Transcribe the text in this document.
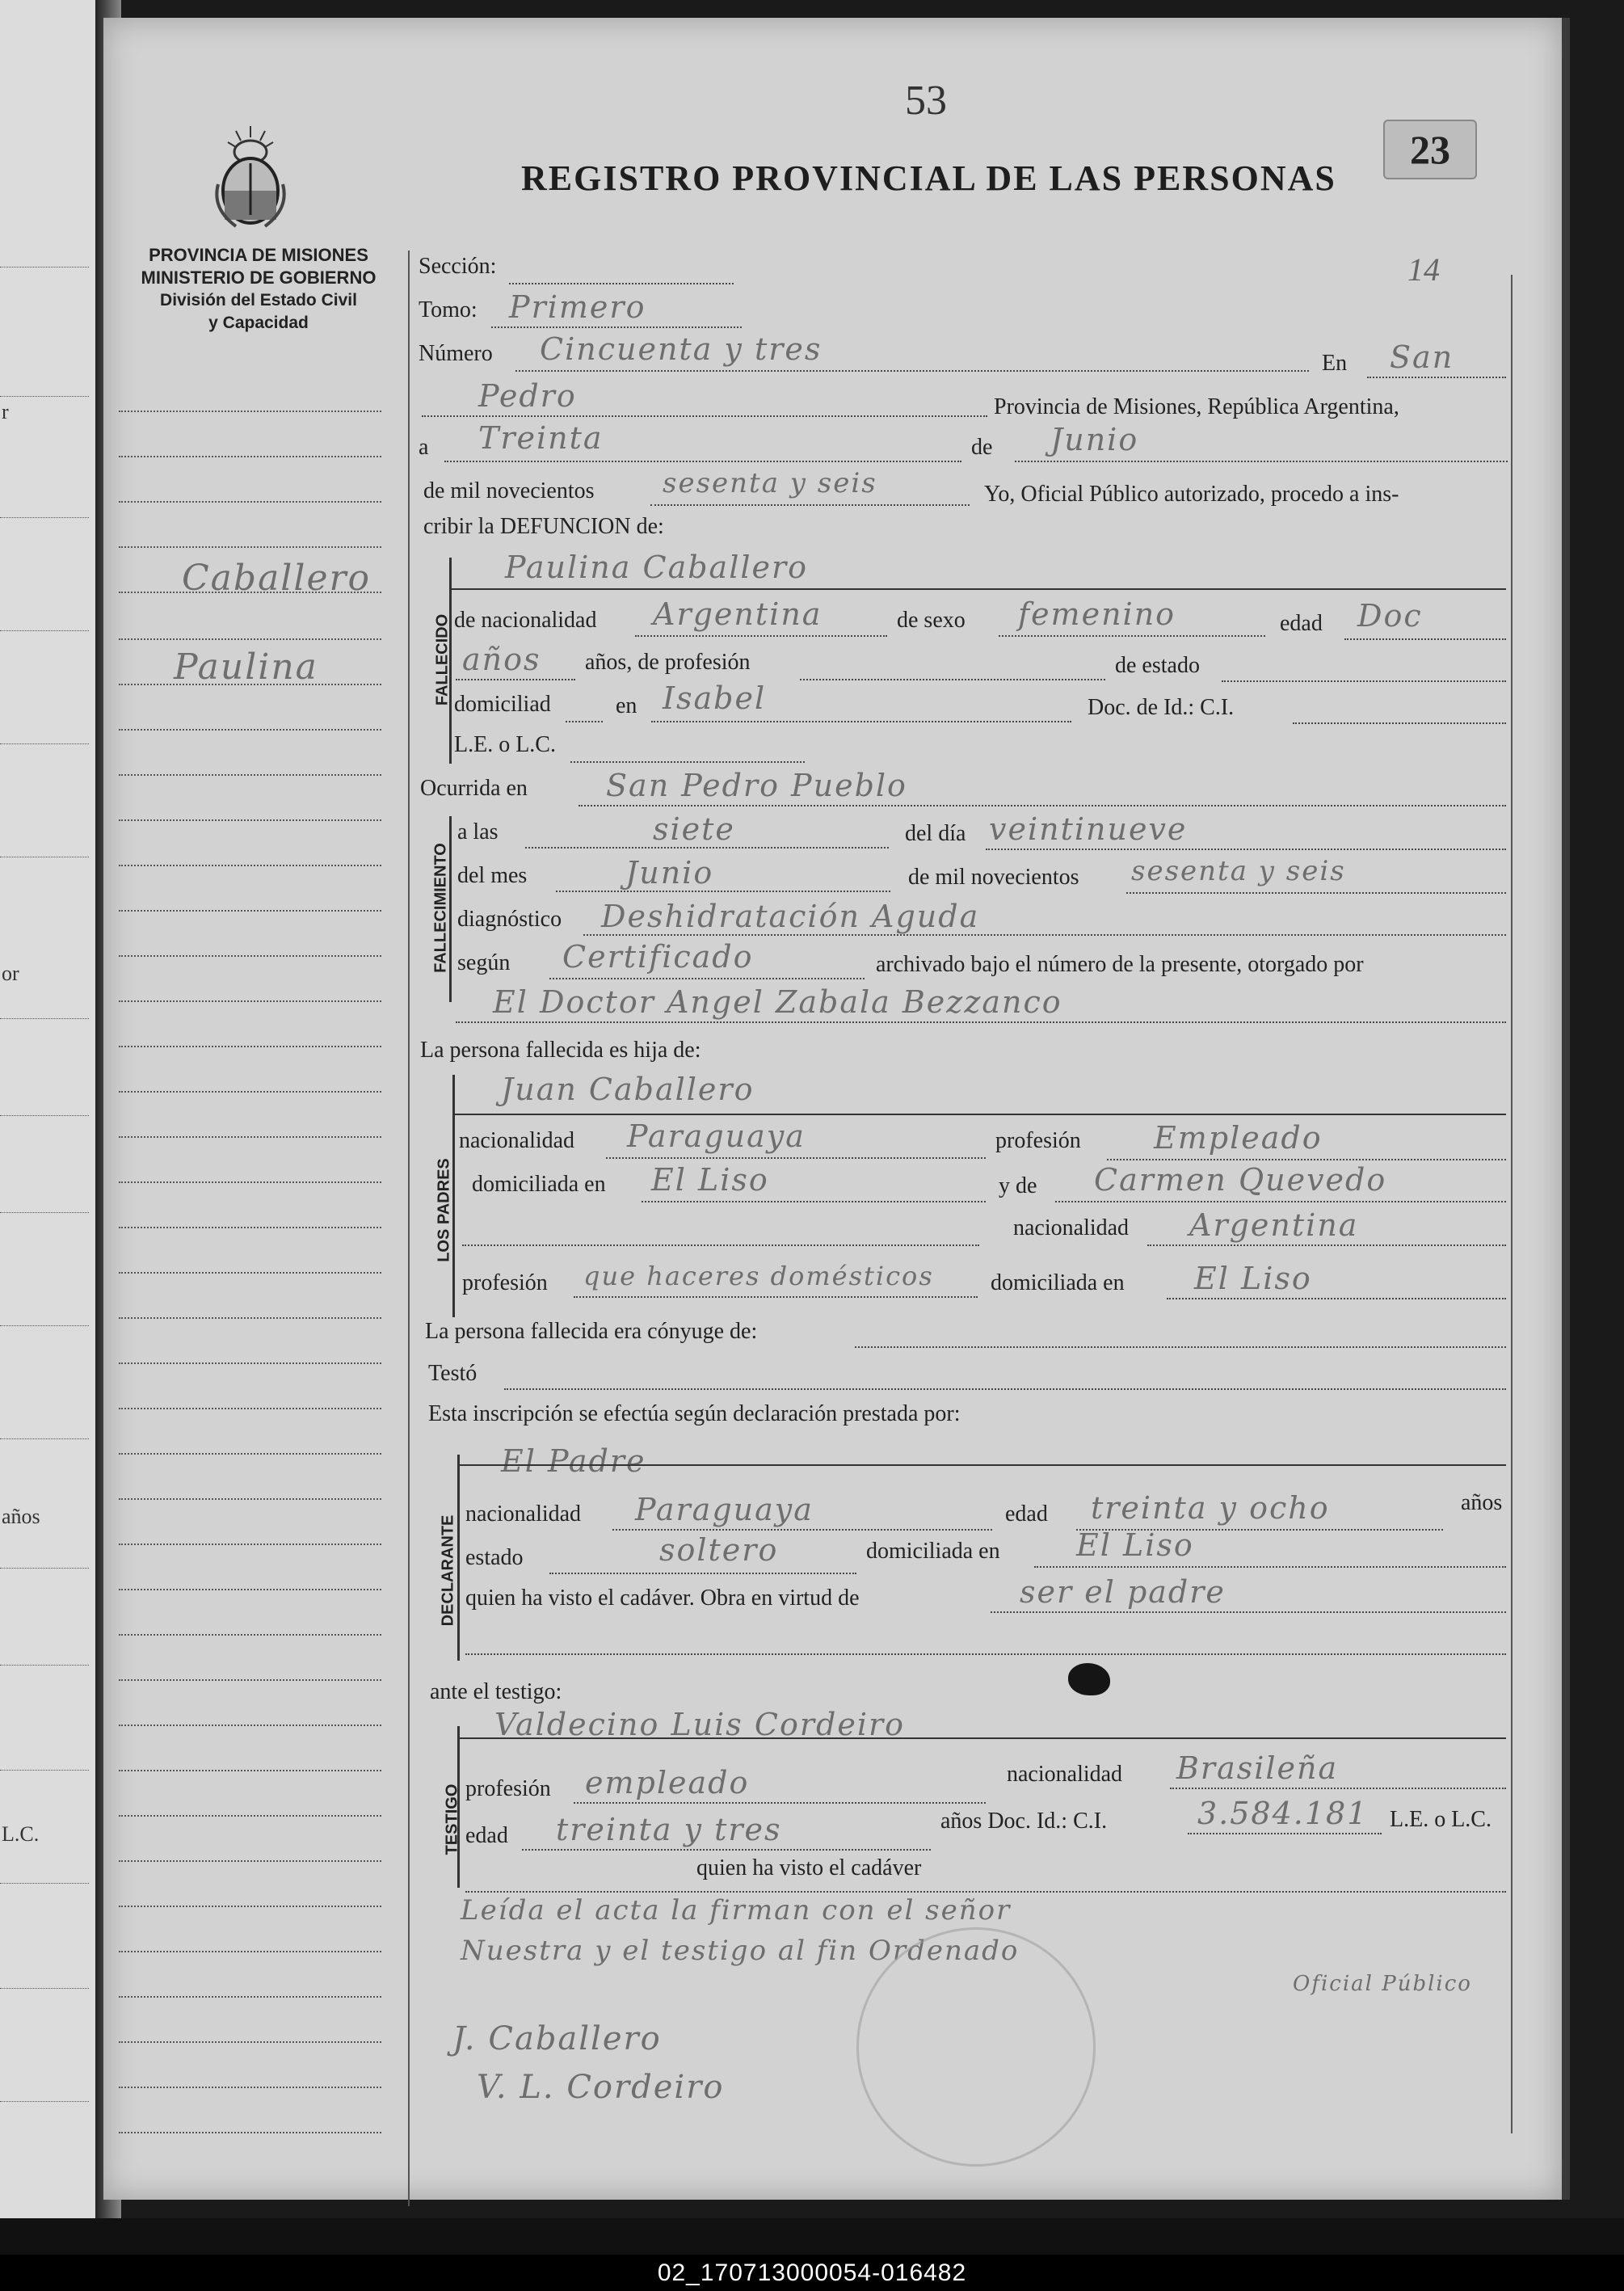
r
or
años
L.C.
PROVINCIA DE MISIONES
MINISTERIO DE GOBIERNO
División del Estado Civil
y Capacidad
Caballero
Paulina
53
REGISTRO PROVINCIAL DE LAS PERSONAS
23
14
Sección:
Tomo: Primero
Número Cincuenta y tres	En San
Pedro	Provincia de Misiones, República Argentina,
a Treinta	de Junio
de mil novecientos sesenta y seis	Yo, Oficial Público autorizado, procedo a ins-
cribir la DEFUNCION de:
FALLECIDO
Paulina Caballero
de nacionalidad Argentina	de sexo femenino	edad Doc
años años, de profesión	de estado
domiciliad	en Isabel	Doc. de Id.: C.I.
L.E. o L.C.
Ocurrida en	San Pedro Pueblo
FALLECIMIENTO
a las	siete	del día veintinueve
del mes	Junio	de mil novecientos sesenta y seis
diagnóstico Deshidratación Aguda
según Certificado	archivado bajo el número de la presente, otorgado por
El Doctor Angel Zabala Bezzanco
La persona fallecida es hija de:
LOS PADRES
Juan Caballero
nacionalidad Paraguaya	profesión Empleado
domiciliada en El Liso	y de Carmen Quevedo
nacionalidad Argentina
profesión que haceres domésticos	domiciliada en El Liso
La persona fallecida era cónyuge de:
Testó
Esta inscripción se efectúa según declaración prestada por:
DECLARANTE
El Padre
nacionalidad Paraguaya	edad treinta y ocho	años
estado	soltero	domiciliada en El Liso
quien ha visto el cadáver. Obra en virtud de	ser el padre
ante el testigo:
TESTIGO
Valdecino Luis Cordeiro
profesión empleado	nacionalidad Brasileña
edad treinta y tres	años Doc. Id.: C.I.	3.584.181 L.E. o L.C.
quien ha visto el cadáver
Leída el acta la firman con el señor
Nuestra y el testigo al fin Ordenado
Oficial Público
J. Caballero
V. L. Cordeiro
02_170713000054-016482
